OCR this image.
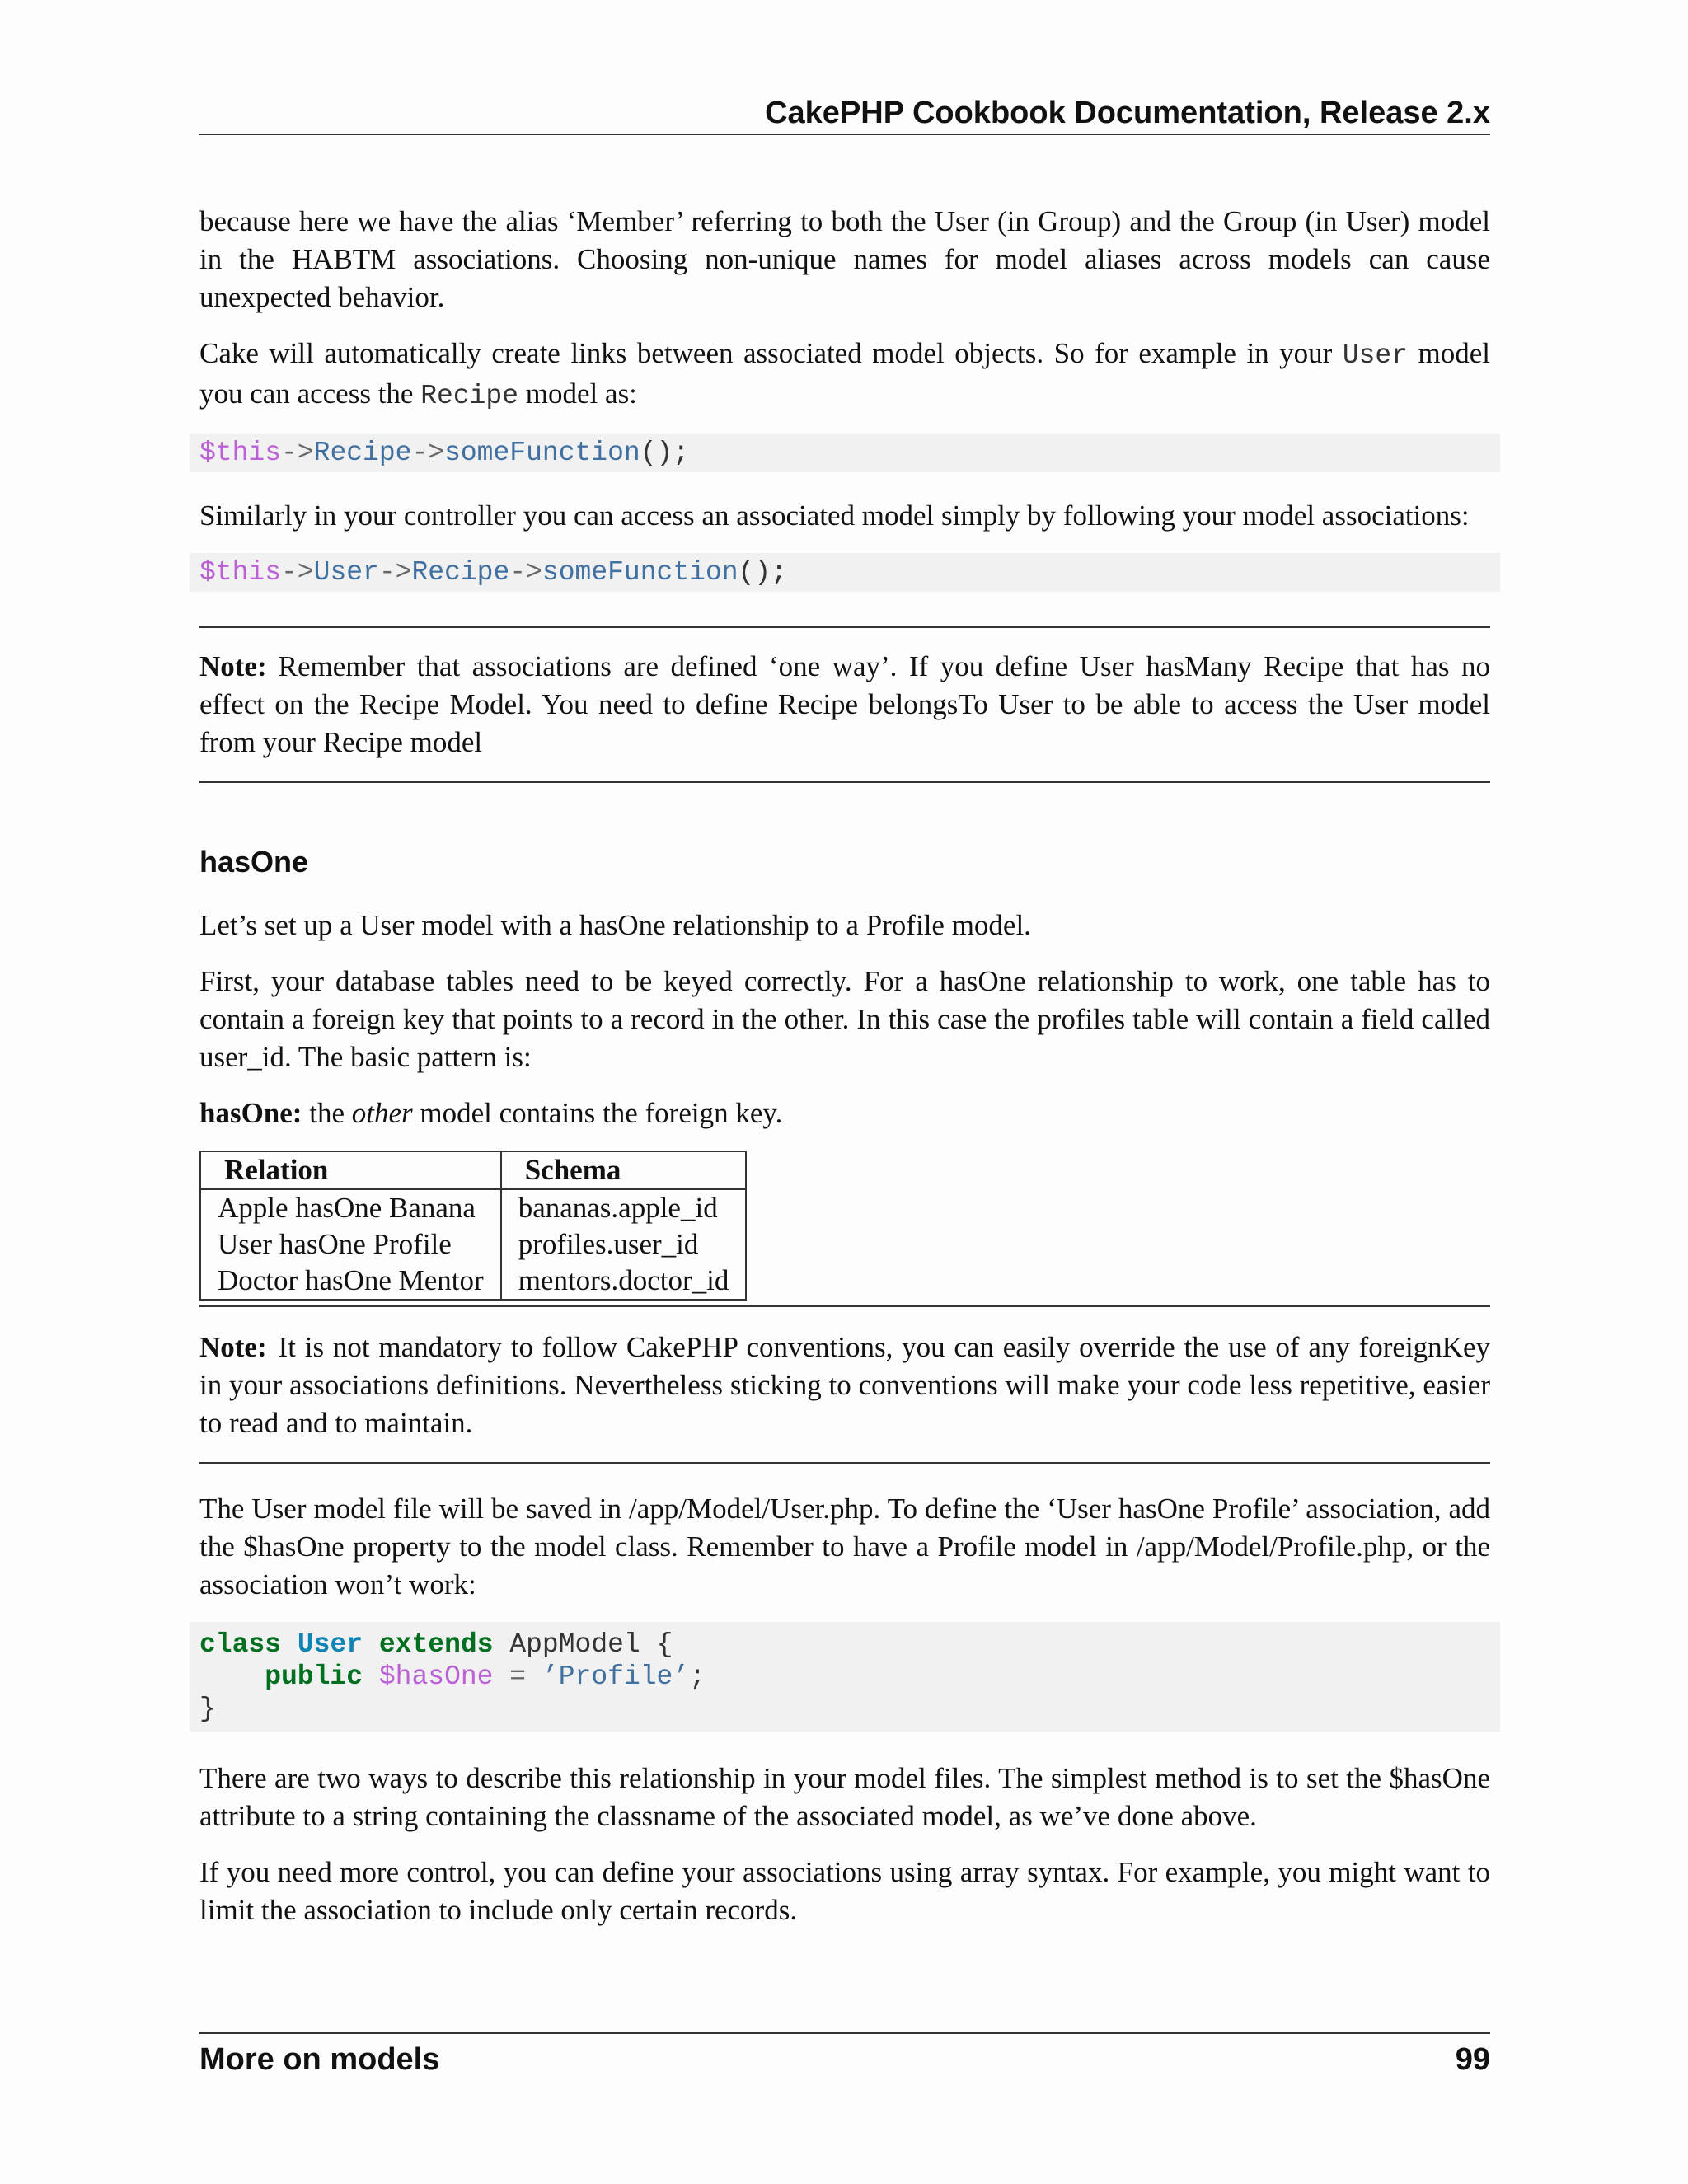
CakePHP Cookbook Documentation, Release 2.x

because here we have the alias ‘Member’ referring to both the User (in Group) and the Group (in User) model in the HABTM associations. Choosing non-unique names for model aliases across models can cause unexpected behavior.

Cake will automatically create links between associated model objects. So for example in your User model you can access the Recipe model as:

$this->Recipe->someFunction();

Similarly in your controller you can access an associated model simply by following your model associations:

$this->User->Recipe->someFunction();

Note: Remember that associations are defined ‘one way’. If you define User hasMany Recipe that has no effect on the Recipe Model. You need to define Recipe belongsTo User to be able to access the User model from your Recipe model

hasOne

Let’s set up a User model with a hasOne relationship to a Profile model.

First, your database tables need to be keyed correctly. For a hasOne relationship to work, one table has to contain a foreign key that points to a record in the other. In this case the profiles table will contain a field called user_id. The basic pattern is:

hasOne: the other model contains the foreign key.

Relation	Schema
Apple hasOne Banana	bananas.apple_id
User hasOne Profile	profiles.user_id
Doctor hasOne Mentor	mentors.doctor_id

Note: It is not mandatory to follow CakePHP conventions, you can easily override the use of any foreignKey in your associations definitions. Nevertheless sticking to conventions will make your code less repetitive, easier to read and to maintain.

The User model file will be saved in /app/Model/User.php. To define the ‘User hasOne Profile’ association, add the $hasOne property to the model class. Remember to have a Profile model in /app/Model/Profile.php, or the association won’t work:

class User extends AppModel {
public $hasOne = ’Profile’;
}

There are two ways to describe this relationship in your model files. The simplest method is to set the $hasOne attribute to a string containing the classname of the associated model, as we’ve done above.

If you need more control, you can define your associations using array syntax. For example, you might want to limit the association to include only certain records.

More on models	99
